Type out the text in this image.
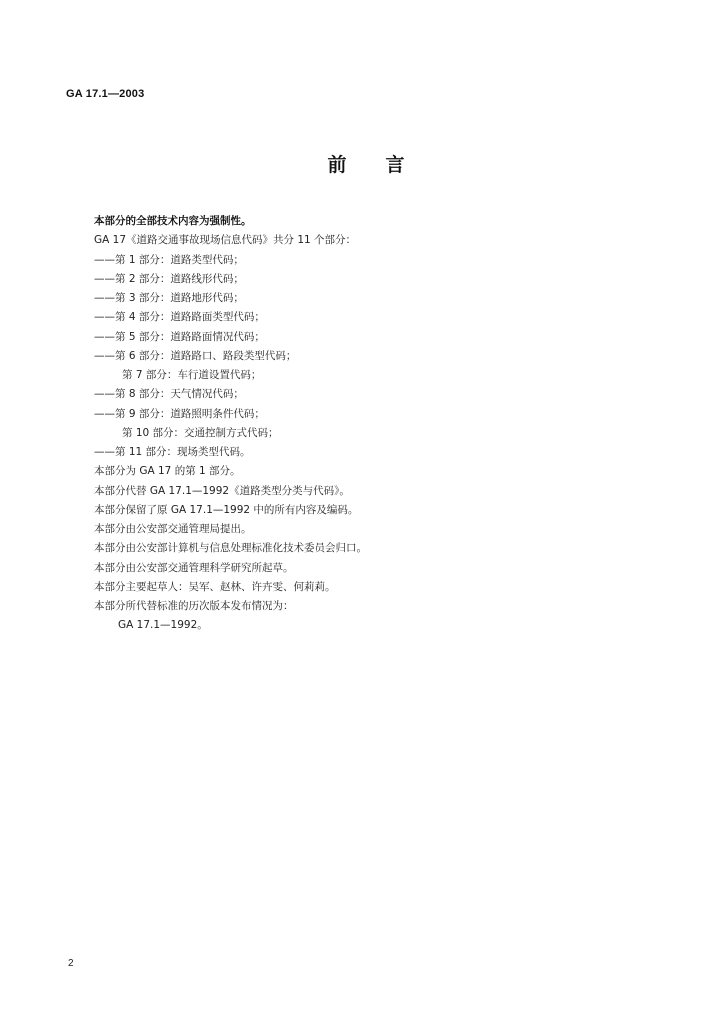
GA 17.1—2003
前 言
本部分的全部技术内容为强制性。
GA 17《道路交通事故现场信息代码》共分 11 个部分：
——第 1 部分：道路类型代码；
——第 2 部分：道路线形代码；
——第 3 部分：道路地形代码；
——第 4 部分：道路路面类型代码；
——第 5 部分：道路路面情况代码；
——第 6 部分：道路路口、路段类型代码；
第 7 部分：车行道设置代码；
——第 8 部分：天气情况代码；
——第 9 部分：道路照明条件代码；
第 10 部分：交通控制方式代码；
——第 11 部分：现场类型代码。
本部分为 GA 17 的第 1 部分。
本部分代替 GA 17.1—1992《道路类型分类与代码》。
本部分保留了原 GA 17.1—1992 中的所有内容及编码。
本部分由公安部交通管理局提出。
本部分由公安部计算机与信息处理标准化技术委员会归口。
本部分由公安部交通管理科学研究所起草。
本部分主要起草人：吴军、赵林、许卉雯、何莉莉。
本部分所代替标准的历次版本发布情况为：
GA 17.1—1992。
2
